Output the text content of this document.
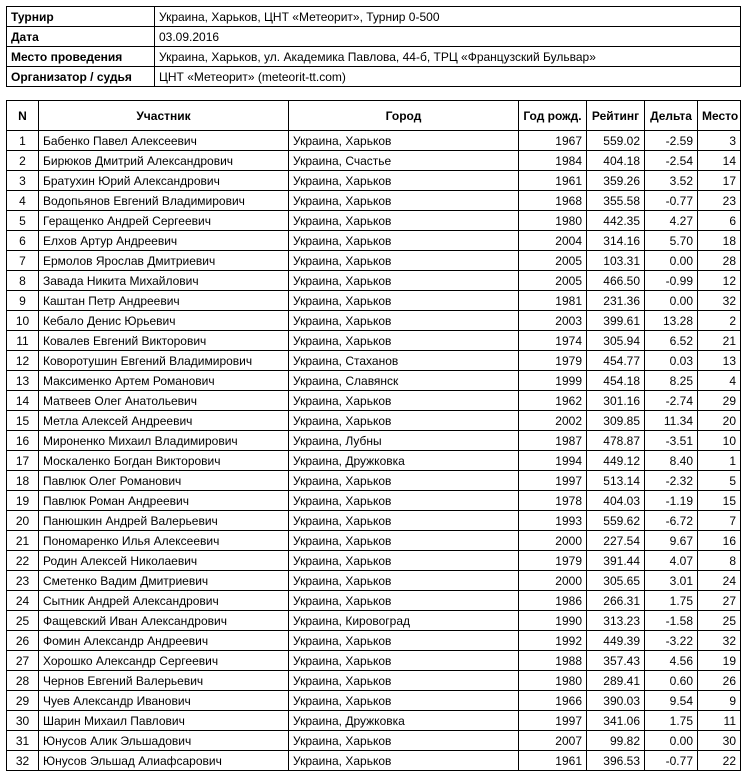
Турнир	Украина, Харьков, ЦНТ «Метеорит», Турнир 0-500
Дата	03.09.2016
Место проведения	Украина, Харьков, ул. Академика Павлова, 44-б, ТРЦ «Французский Бульвар»
Организатор / судья	ЦНТ «Метеорит» (meteorit-tt.com)
N	Участник	Город	Год рожд.	Рейтинг	Дельта	Место
1	Бабенко Павел Алексеевич	Украина, Харьков	1967	559.02	-2.59	3
2	Бирюков Дмитрий Александрович	Украина, Счастье	1984	404.18	-2.54	14
3	Братухин Юрий Александрович	Украина, Харьков	1961	359.26	3.52	17
4	Водопьянов Евгений Владимирович	Украина, Харьков	1968	355.58	-0.77	23
5	Геращенко Андрей Сергеевич	Украина, Харьков	1980	442.35	4.27	6
6	Елхов Артур Андреевич	Украина, Харьков	2004	314.16	5.70	18
7	Ермолов Ярослав Дмитриевич	Украина, Харьков	2005	103.31	0.00	28
8	Завада Никита Михайлович	Украина, Харьков	2005	466.50	-0.99	12
9	Каштан Петр Андреевич	Украина, Харьков	1981	231.36	0.00	32
10	Кебало Денис Юрьевич	Украина, Харьков	2003	399.61	13.28	2
11	Ковалев Евгений Викторович	Украина, Харьков	1974	305.94	6.52	21
12	Коворотушин Евгений Владимирович	Украина, Стаханов	1979	454.77	0.03	13
13	Максименко Артем Романович	Украина, Славянск	1999	454.18	8.25	4
14	Матвеев Олег Анатольевич	Украина, Харьков	1962	301.16	-2.74	29
15	Метла Алексей Андреевич	Украина, Харьков	2002	309.85	11.34	20
16	Мироненко Михаил Владимирович	Украина, Лубны	1987	478.87	-3.51	10
17	Москаленко Богдан Викторович	Украина, Дружковка	1994	449.12	8.40	1
18	Павлюк Олег Романович	Украина, Харьков	1997	513.14	-2.32	5
19	Павлюк Роман Андреевич	Украина, Харьков	1978	404.03	-1.19	15
20	Панюшкин Андрей Валерьевич	Украина, Харьков	1993	559.62	-6.72	7
21	Пономаренко Илья Алексеевич	Украина, Харьков	2000	227.54	9.67	16
22	Родин Алексей Николаевич	Украина, Харьков	1979	391.44	4.07	8
23	Сметенко Вадим Дмитриевич	Украина, Харьков	2000	305.65	3.01	24
24	Сытник Андрей Александрович	Украина, Харьков	1986	266.31	1.75	27
25	Фащевский Иван Александрович	Украина, Кировоград	1990	313.23	-1.58	25
26	Фомин Александр Андреевич	Украина, Харьков	1992	449.39	-3.22	32
27	Хорошко Александр Сергеевич	Украина, Харьков	1988	357.43	4.56	19
28	Чернов Евгений Валерьевич	Украина, Харьков	1980	289.41	0.60	26
29	Чуев Александр Иванович	Украина, Харьков	1966	390.03	9.54	9
30	Шарин Михаил Павлович	Украина, Дружковка	1997	341.06	1.75	11
31	Юнусов Алик Эльшадович	Украина, Харьков	2007	99.82	0.00	30
32	Юнусов Эльшад Алиафсарович	Украина, Харьков	1961	396.53	-0.77	22
